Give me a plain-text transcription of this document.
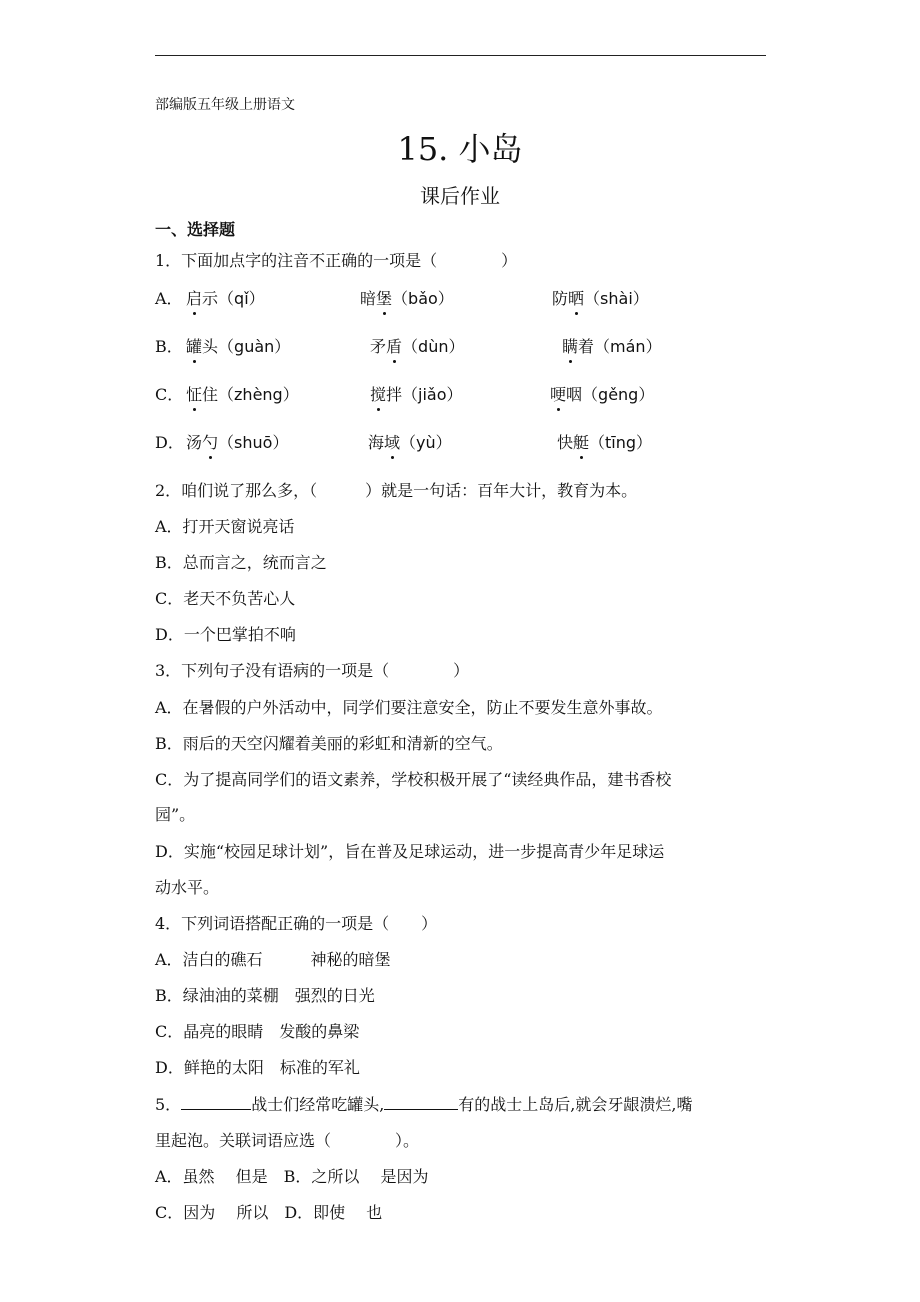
部编版五年级上册语文
15. 小岛
课后作业
一、选择题
1．下面加点字的注音不正确的一项是（　　　　）
A． 启示（qǐ）	暗堡（bǎo）	防晒（shài）
B． 罐头（guàn）	矛盾（dùn）	瞒着（mán）
C． 怔住（zhèng）	搅拌（jiǎo）	哽咽（gěng）
D． 汤勺（shuō）	海域（yù）	快艇（tīng）
2．咱们说了那么多，（　　　）就是一句话：百年大计，教育为本。
A．打开天窗说亮话
B．总而言之，统而言之
C．老天不负苦心人
D．一个巴掌拍不响
3．下列句子没有语病的一项是（　　　　）
A．在暑假的户外活动中，同学们要注意安全，防止不要发生意外事故。
B．雨后的天空闪耀着美丽的彩虹和清新的空气。
C．为了提高同学们的语文素养，学校积极开展了“读经典作品，建书香校
园”。
D．实施“校园足球计划”，旨在普及足球运动，进一步提高青少年足球运
动水平。
4．下列词语搭配正确的一项是（　　）
A．洁白的礁石　　　神秘的暗堡
B．绿油油的菜棚　强烈的日光
C．晶亮的眼睛　发酸的鼻梁
D．鲜艳的太阳　标准的军礼
5．	战士们经常吃罐头,	有的战士上岛后,就会牙龈溃烂,嘴
里起泡。关联词语应选（　　　　）。
A．虽然　 但是　B．之所以　 是因为
C．因为　 所以　D．即使　 也
